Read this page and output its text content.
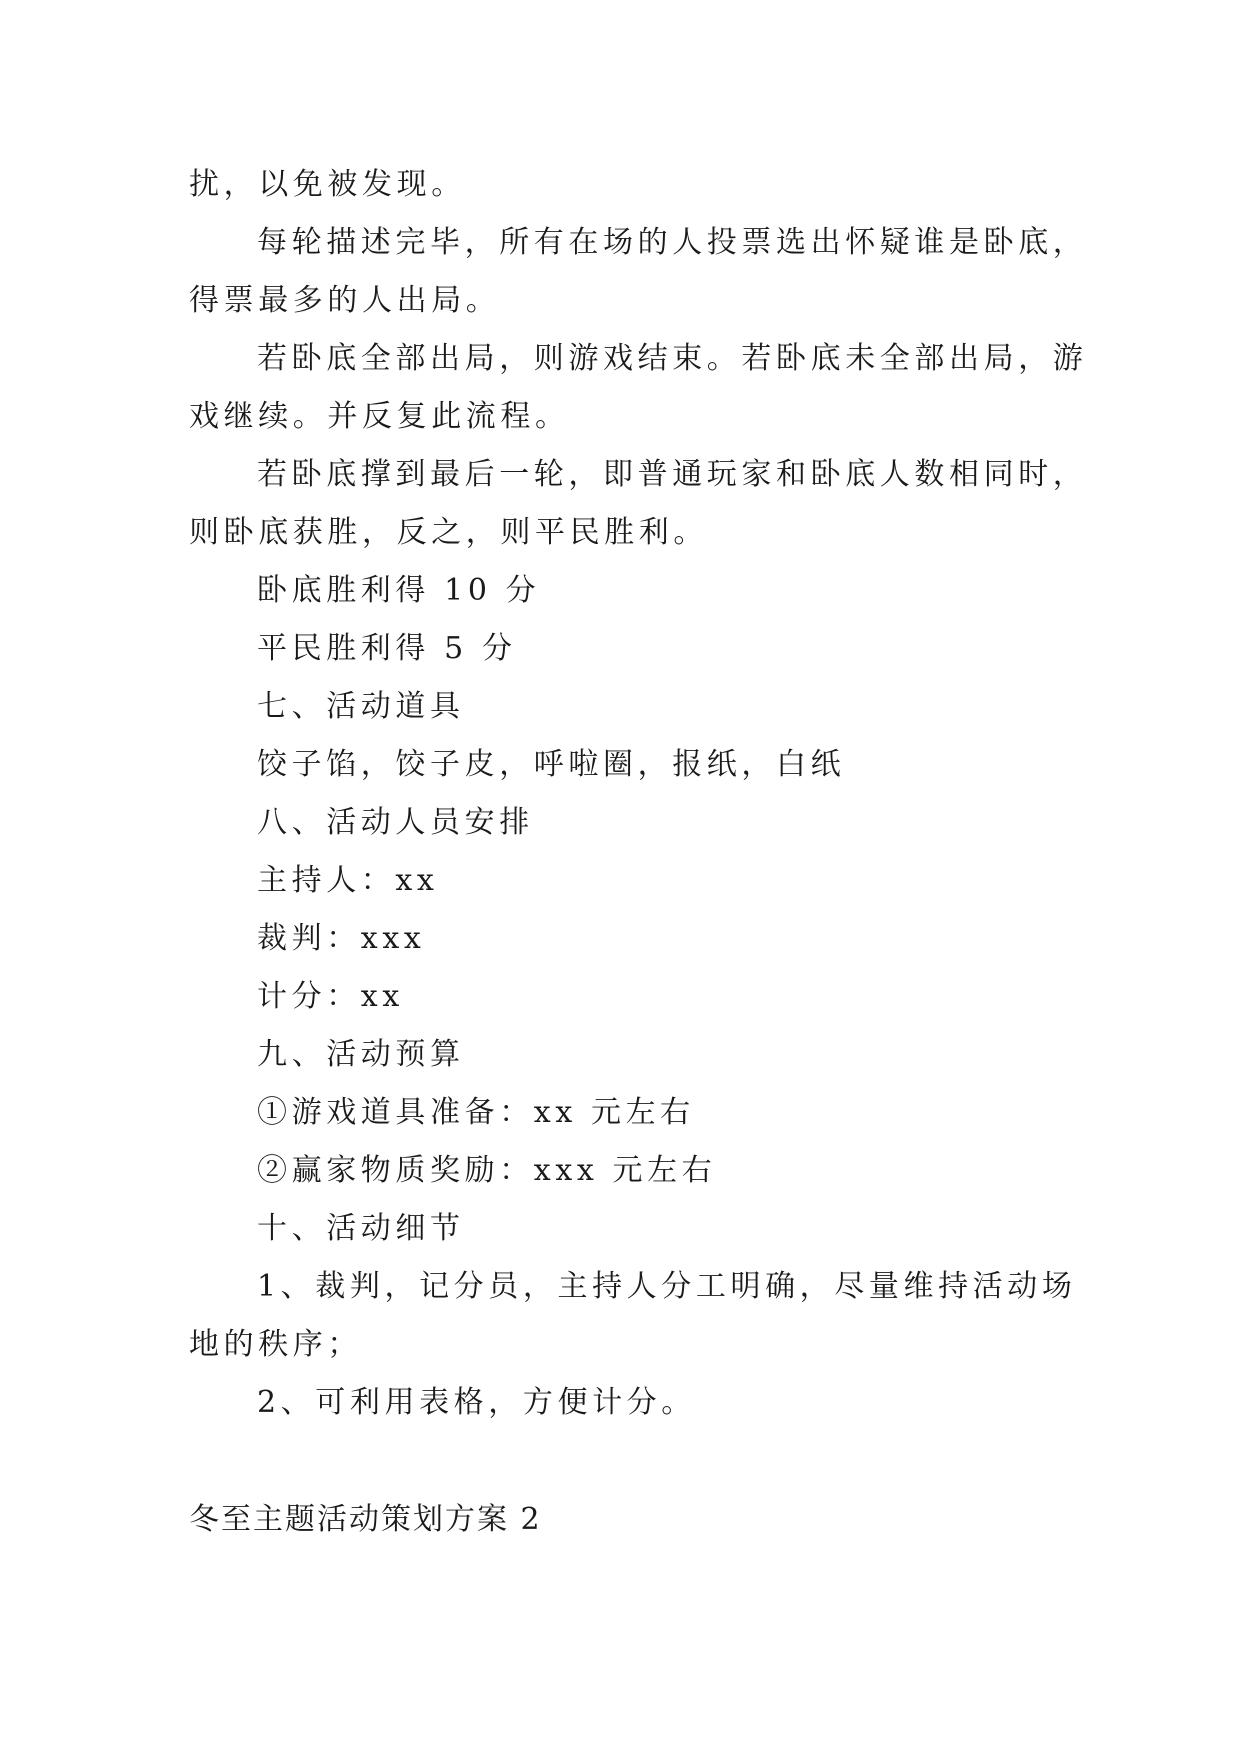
扰，以免被发现。
每轮描述完毕，所有在场的人投票选出怀疑谁是卧底，
得票最多的人出局。
若卧底全部出局，则游戏结束。若卧底未全部出局，游
戏继续。并反复此流程。
若卧底撑到最后一轮，即普通玩家和卧底人数相同时，
则卧底获胜，反之，则平民胜利。
卧底胜利得 10 分
平民胜利得 5 分
七、活动道具
饺子馅，饺子皮，呼啦圈，报纸，白纸
八、活动人员安排
主持人：xx
裁判：xxx
计分：xx
九、活动预算
①游戏道具准备：xx 元左右
②赢家物质奖励：xxx 元左右
十、活动细节
1、裁判，记分员，主持人分工明确，尽量维持活动场
地的秩序；
2、可利用表格，方便计分。
冬至主题活动策划方案 2
